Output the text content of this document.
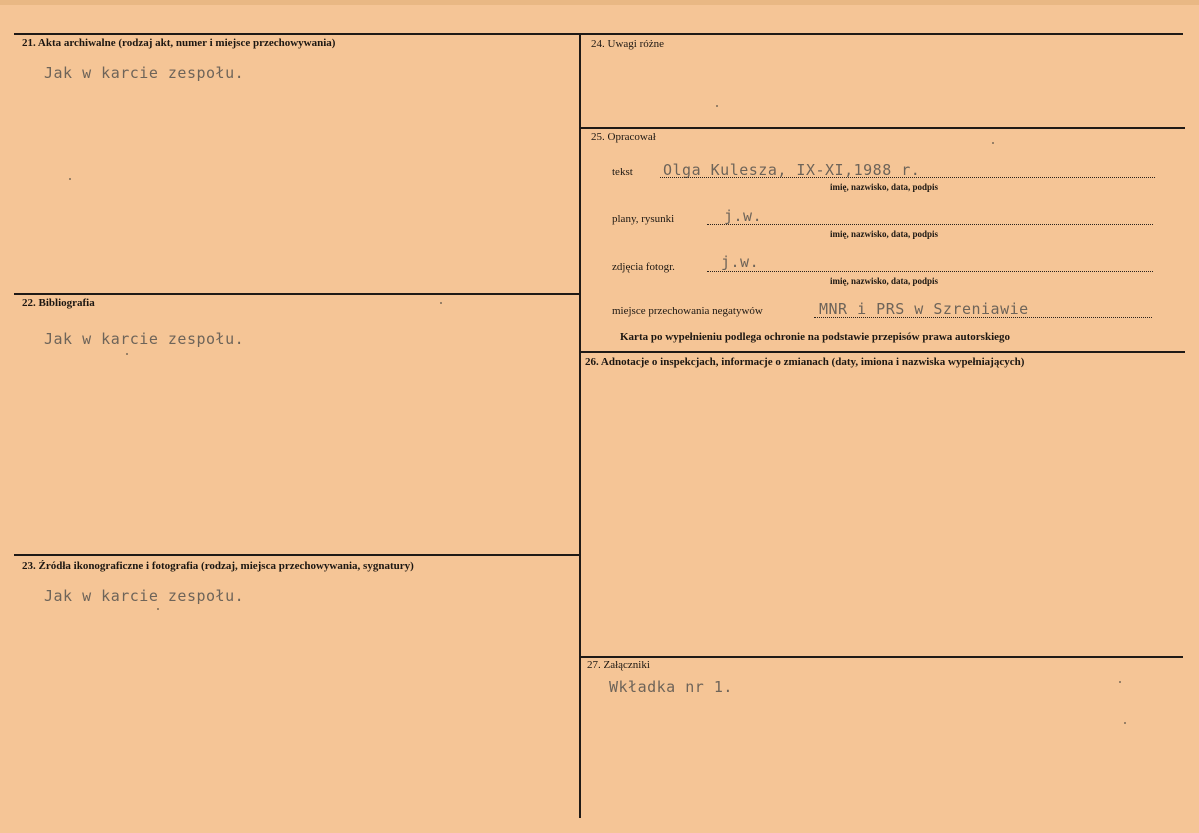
21. Akta archiwalne (rodzaj akt, numer i miejsce przechowywania)
Jak w karcie zespołu.
22. Bibliografia
Jak w karcie zespołu.
23. Źródła ikonograficzne i fotografia (rodzaj, miejsca przechowywania, sygnatury)
Jak w karcie zespołu.
24. Uwagi różne
25. Opracował
tekst Olga Kulesza, IX-XI,1988 r.
imię, nazwisko, data, podpis
plany, rysunki	j.w.
imię, nazwisko, data, podpis
zdjęcia fotogr.	j.w.
imię, nazwisko, data, podpis
miejsce przechowania negatywów	MNR i PRS w Szreniawie
Karta po wypełnieniu podlega ochronie na podstawie przepisów prawa autorskiego
26. Adnotacje o inspekcjach, informacje o zmianach (daty, imiona i nazwiska wypełniających)
27. Załączniki
Wkładka nr 1.
